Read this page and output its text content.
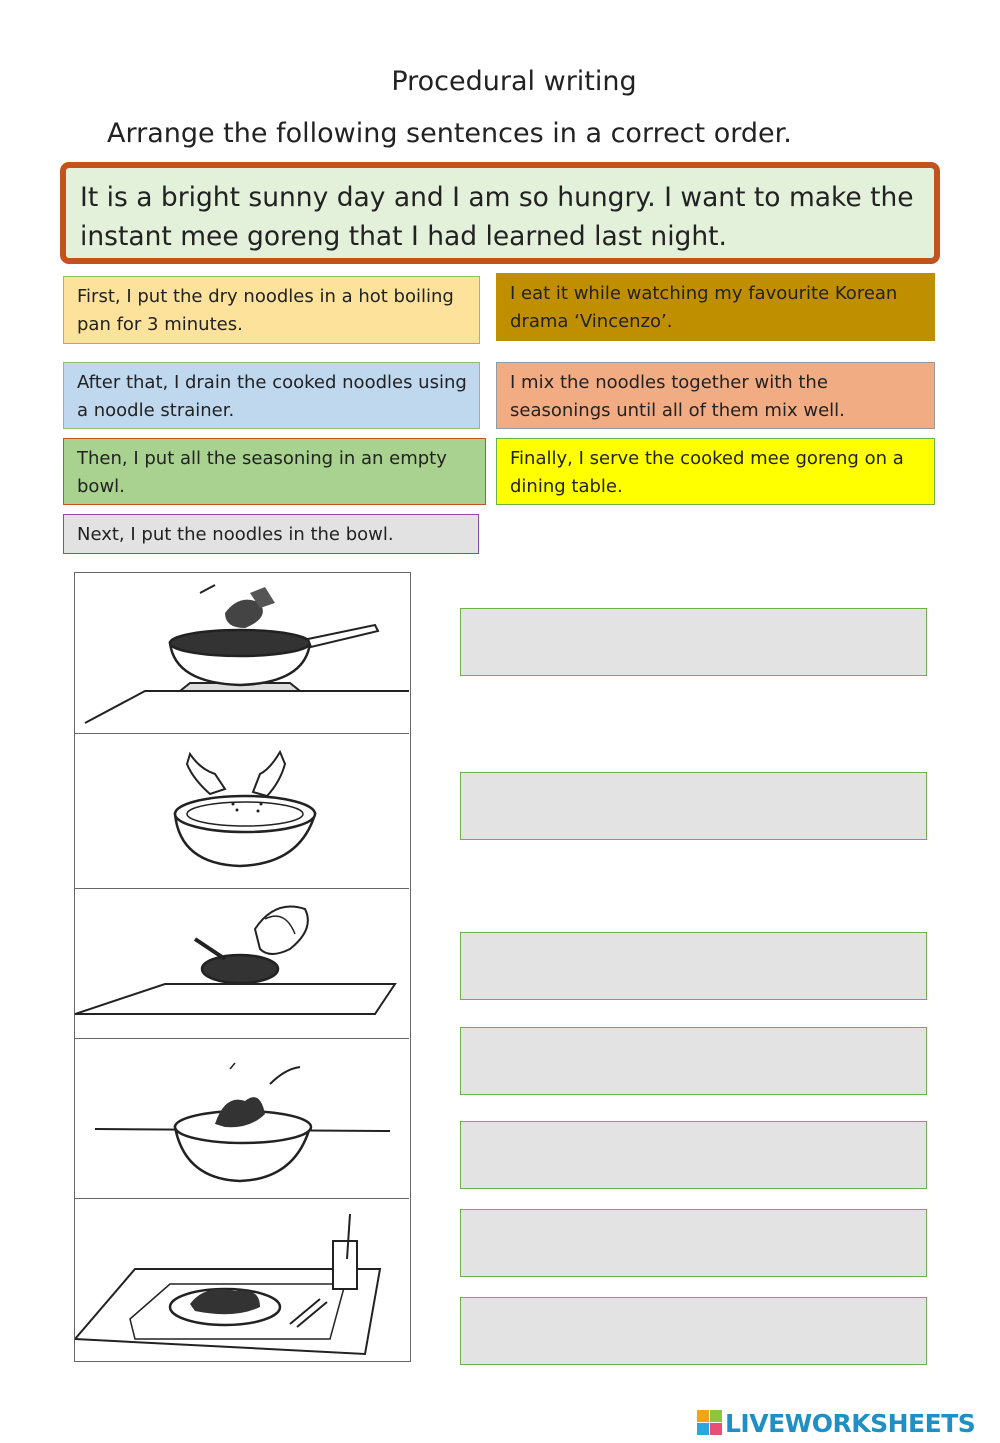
Procedural writing
Arrange the following sentences in a correct order.
It is a bright sunny day and I am so hungry. I want to make the instant mee goreng that I had learned last night.
First, I put the dry noodles in a hot boiling pan for 3 minutes.
I eat it while watching my favourite Korean drama ‘Vincenzo’.
After that, I drain the cooked noodles using a noodle strainer.
I mix the noodles together with the seasonings until all of them mix well.
Then, I put all the seasoning in an empty bowl.
Finally, I serve the cooked mee goreng on a dining table.
Next, I put the noodles in the bowl.
LIVEWORKSHEETS
